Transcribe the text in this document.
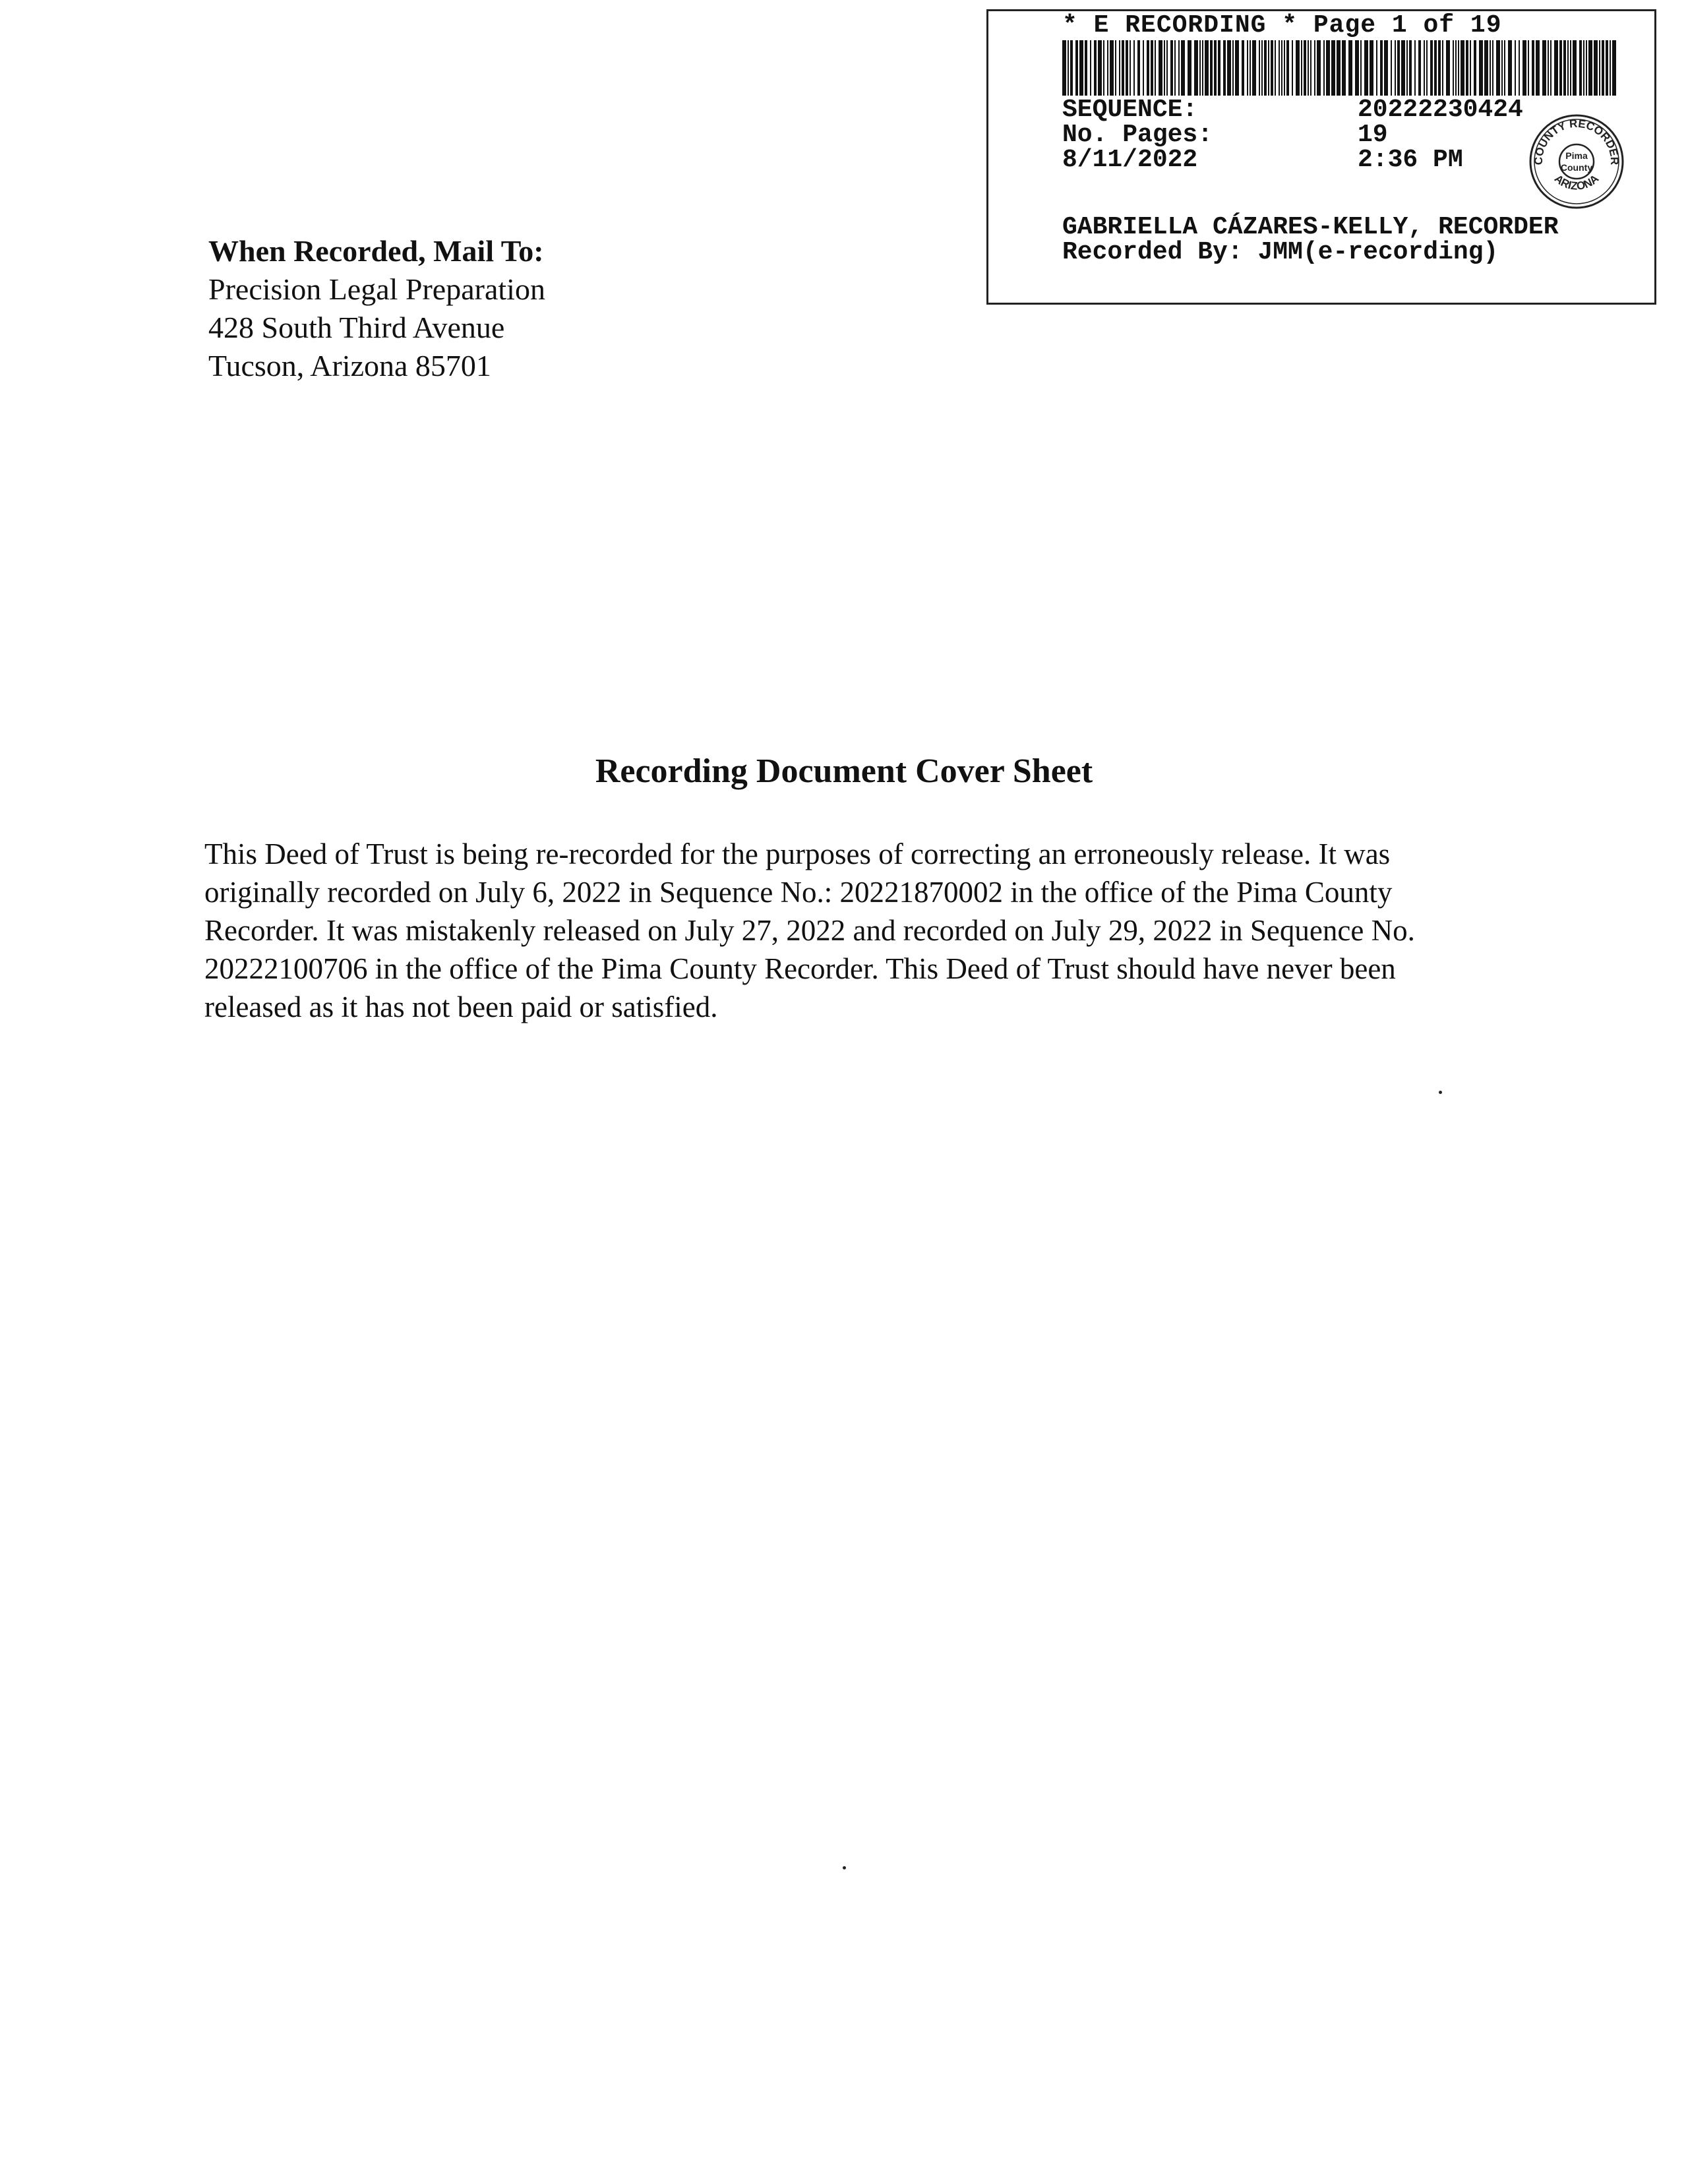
* E RECORDING * Page 1 of 19
SEQUENCE:	20222230424
No. Pages:	19
8/11/2022	2:36 PM	COUNTY RECORDER
ARIZONA
Pima
County
GABRIELLA CÁZARES-KELLY, RECORDER
Recorded By: JMM(e-recording)
When Recorded, Mail To:
Precision Legal Preparation
428 South Third Avenue
Tucson, Arizona 85701
Recording Document Cover Sheet
This Deed of Trust is being re-recorded for the purposes of correcting an erroneously release. It was originally recorded on July 6, 2022 in Sequence No.: 20221870002 in the office of the Pima County Recorder. It was mistakenly released on July 27, 2022 and recorded on July 29, 2022 in Sequence No. 20222100706 in the office of the Pima County Recorder. This Deed of Trust should have never been released as it has not been paid or satisfied.
